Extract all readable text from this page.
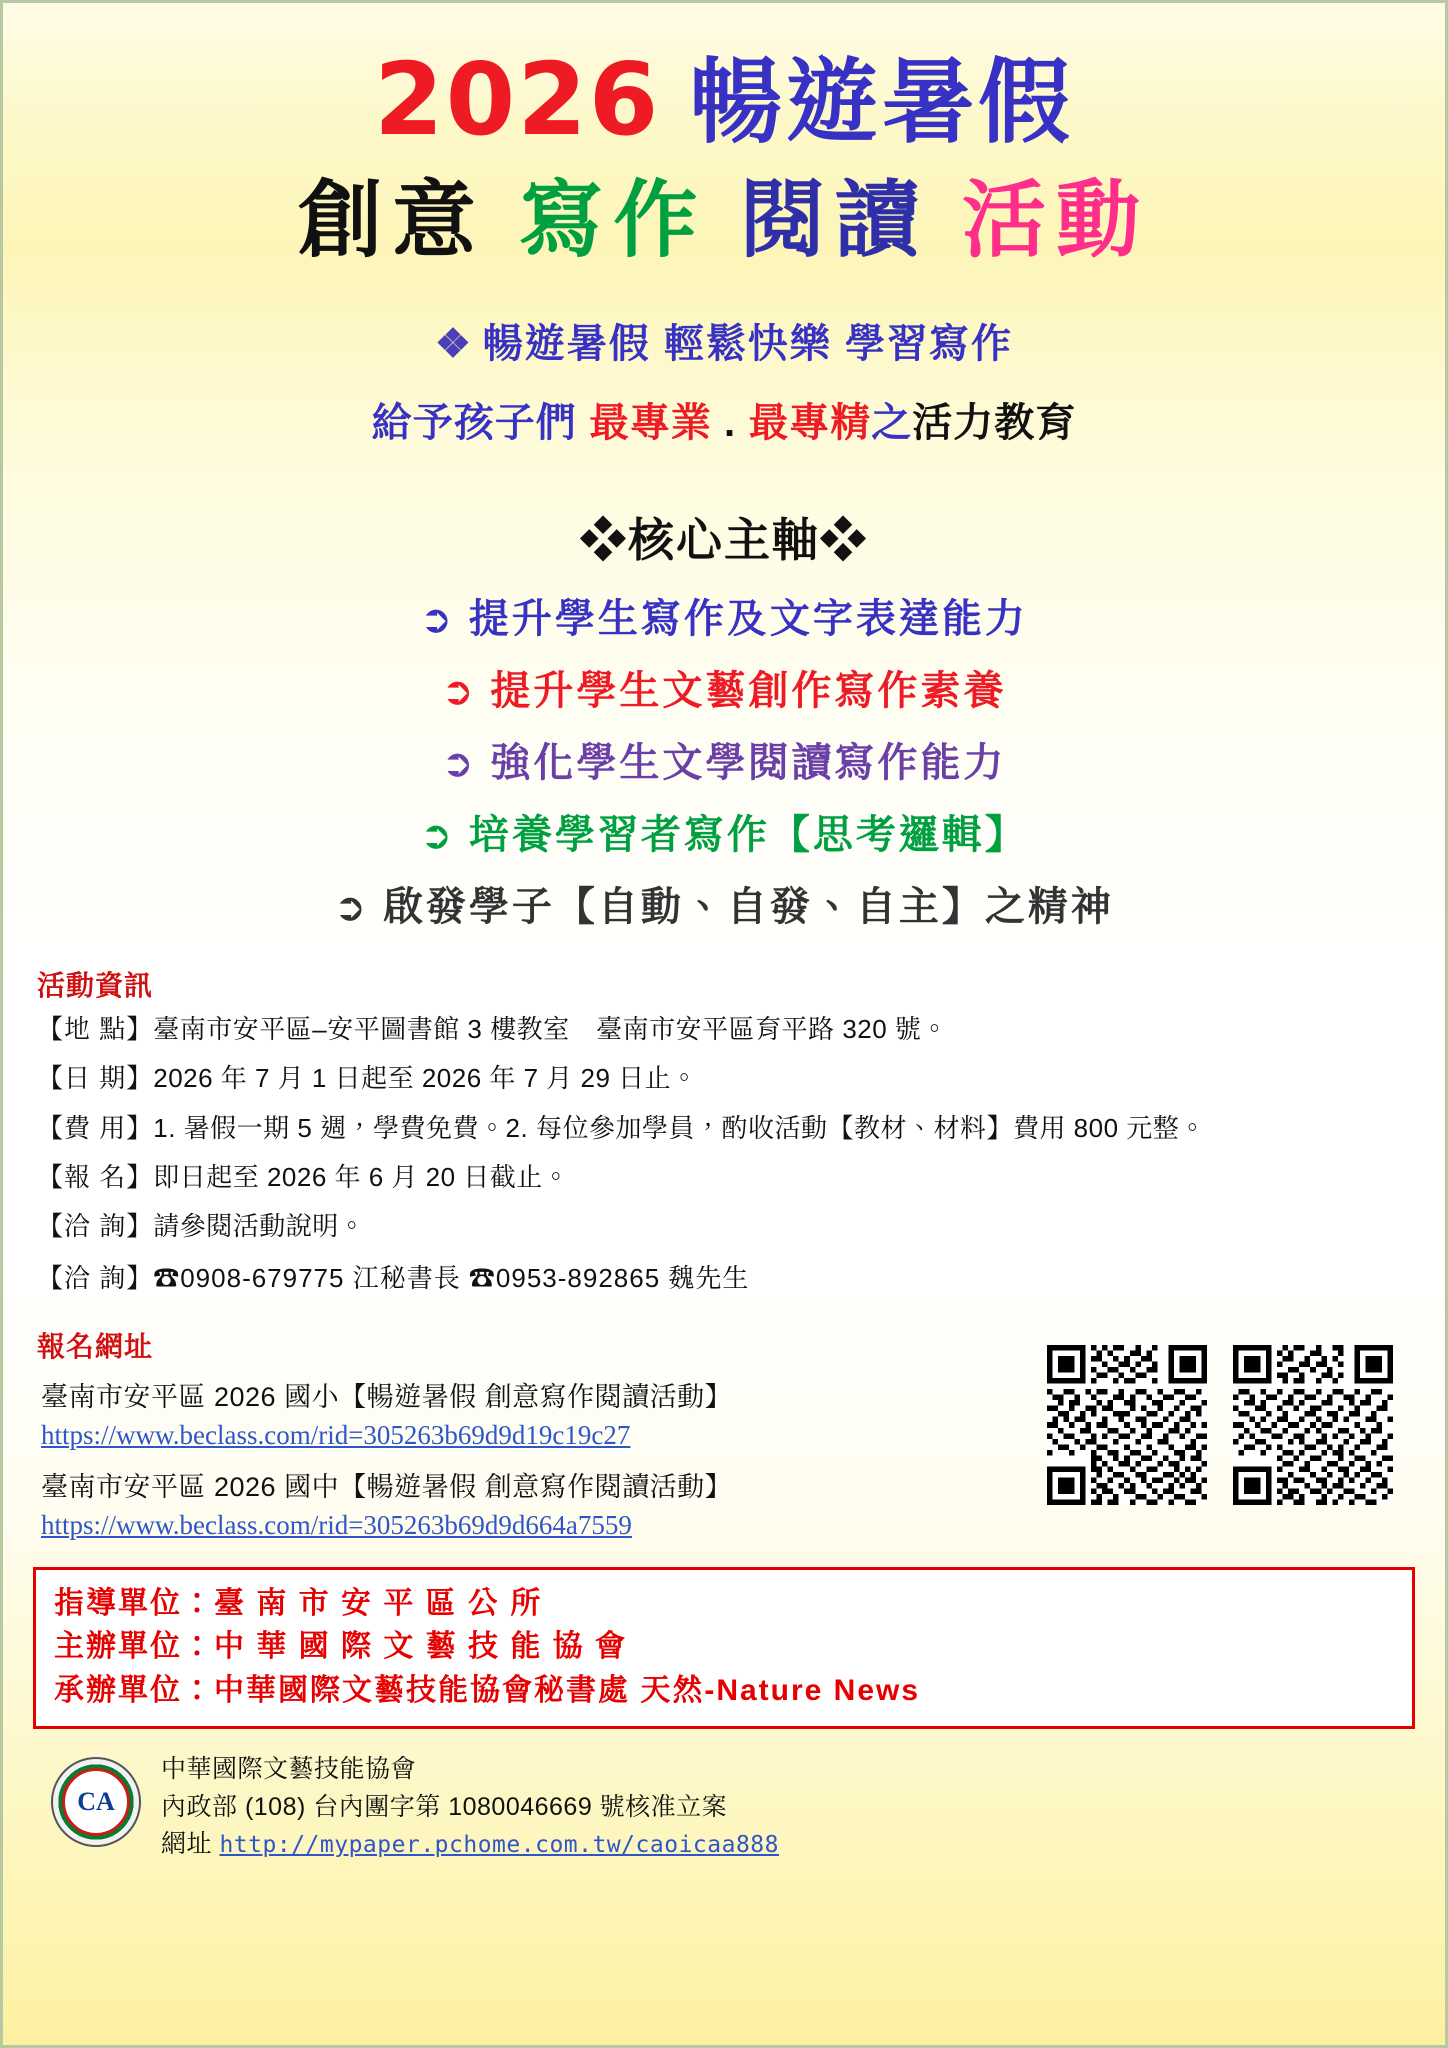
2026 暢遊暑假
創意 寫作 閱讀 活動
❖ 暢遊暑假 輕鬆快樂 學習寫作
給予孩子們 最專業 . 最專精之活力教育
❖核心主軸❖
➲ 提升學生寫作及文字表達能力
➲ 提升學生文藝創作寫作素養
➲ 強化學生文學閱讀寫作能力
➲ 培養學習者寫作【思考邏輯】
➲ 啟發學子【自動、自發、自主】之精神
活動資訊
【地 點】臺南市安平區–安平圖書館 3 樓教室　臺南市安平區育平路 320 號。
【日 期】2026 年 7 月 1 日起至 2026 年 7 月 29 日止。
【費 用】1. 暑假一期 5 週，學費免費。2. 每位參加學員，酌收活動【教材、材料】費用 800 元整。
【報 名】即日起至 2026 年 6 月 20 日截止。
【洽 詢】請參閱活動說明。
【洽 詢】☎0908-679775 江秘書長 ☎0953-892865 魏先生
報名網址
臺南市安平區 2026 國小【暢遊暑假 創意寫作閱讀活動】
https://www.beclass.com/rid=305263b69d9d19c19c27
臺南市安平區 2026 國中【暢遊暑假 創意寫作閱讀活動】
https://www.beclass.com/rid=305263b69d9d664a7559
指導單位：臺 南 市 安 平 區 公 所
主辦單位：中 華 國 際 文 藝 技 能 協 會
承辦單位：中華國際文藝技能協會秘書處 天然-Nature News
CA
中華國際文藝技能協會
內政部 (108) 台內團字第 1080046669 號核准立案
網址 http://mypaper.pchome.com.tw/caoicaa888
